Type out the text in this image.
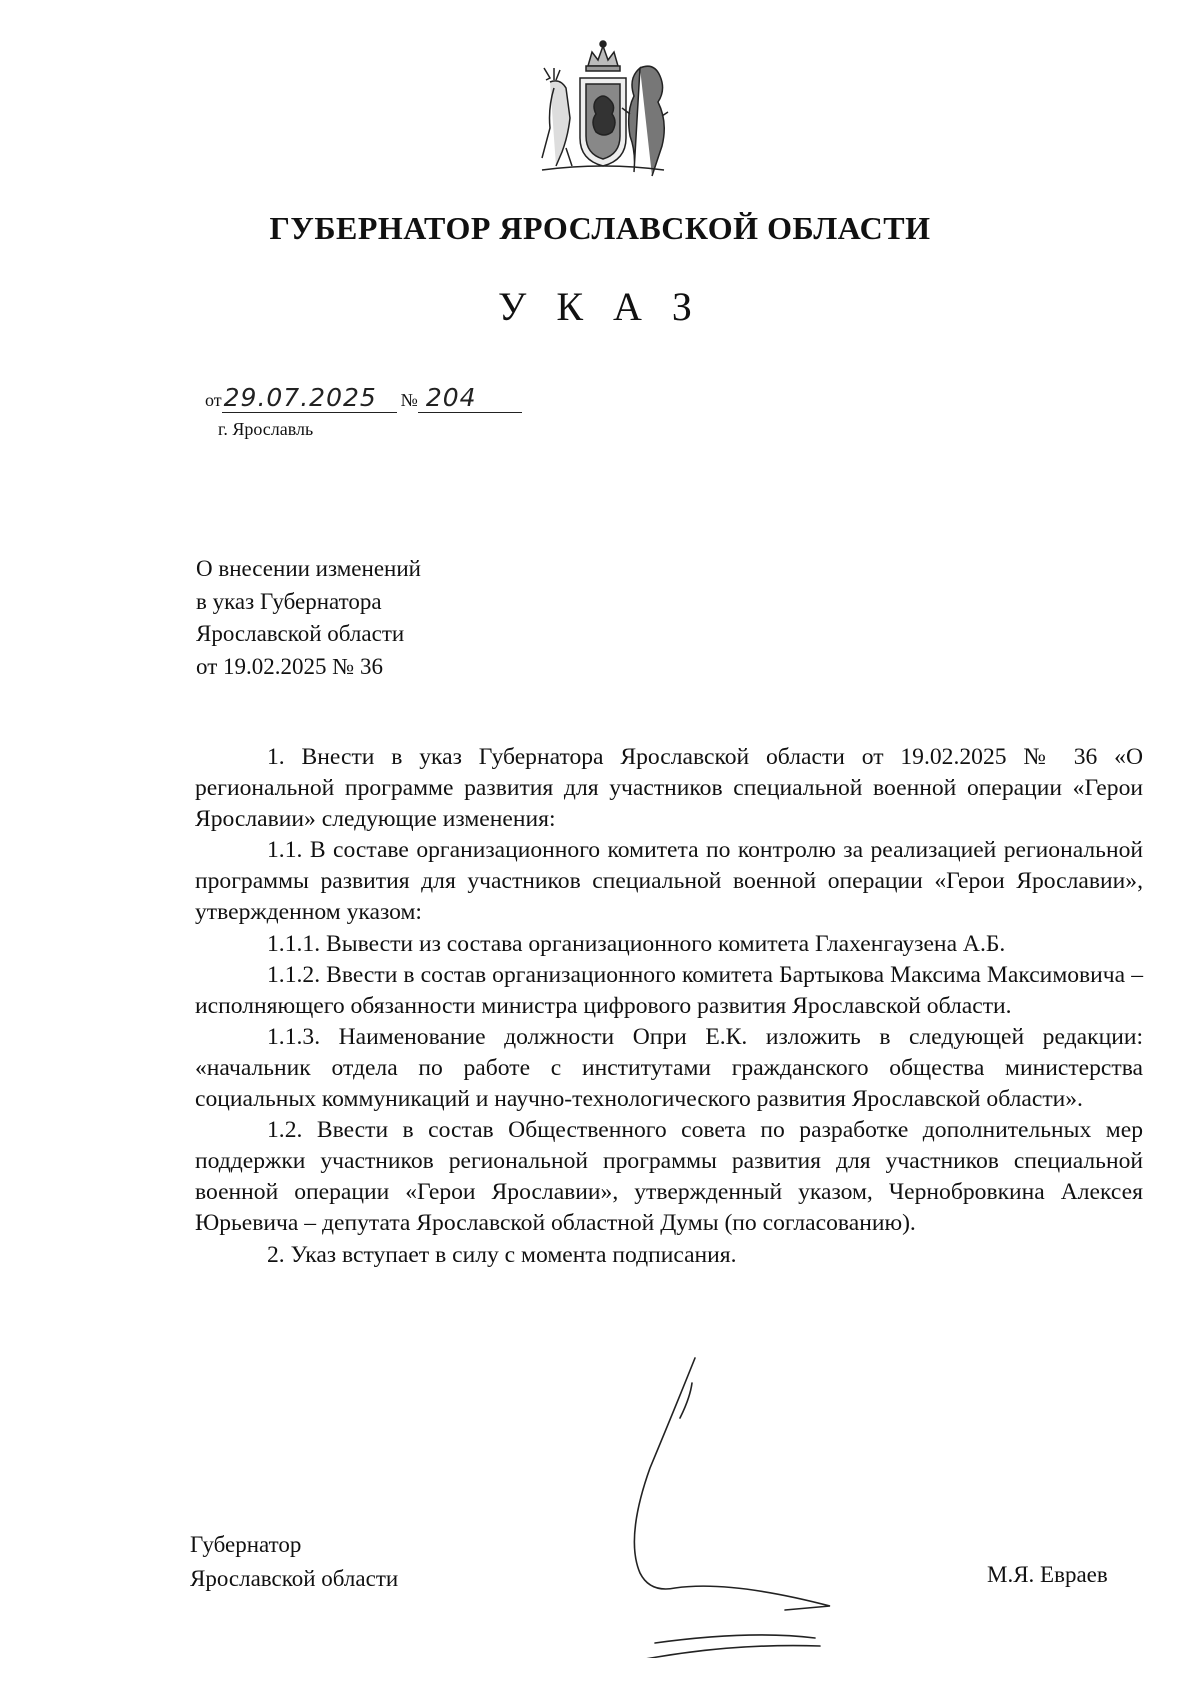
ГУБЕРНАТОР ЯРОСЛАВСКОЙ ОБЛАСТИ
У К А З
от29.07.2025 № 204
г. Ярославль
О внесении изменений
в указ Губернатора
Ярославской области
от 19.02.2025 № 36

1. Внести в указ Губернатора Ярославской области от 19.02.2025 № 36 «О региональной программе развития для участников специальной военной операции «Герои Ярославии» следующие изменения:

1.1. В составе организационного комитета по контролю за реализацией региональной программы развития для участников специальной военной операции «Герои Ярославии», утвержденном указом:

1.1.1. Вывести из состава организационного комитета Глахенгаузена А.Б.

1.1.2. Ввести в состав организационного комитета Бартыкова Максима Максимовича – исполняющего обязанности министра цифрового развития Ярославской области.

1.1.3. Наименование должности Опри Е.К. изложить в следующей редакции: «начальник отдела по работе с институтами гражданского общества министерства социальных коммуникаций и научно-технологического развития Ярославской области».

1.2. Ввести в состав Общественного совета по разработке дополнительных мер поддержки участников региональной программы развития для участников специальной военной операции «Герои Ярославии», утвержденный указом, Чернобровкина Алексея Юрьевича – депутата Ярославской областной Думы (по согласованию).

2. Указ вступает в силу с момента подписания.

Губернатор
Ярославской области	М.Я. Евраев
